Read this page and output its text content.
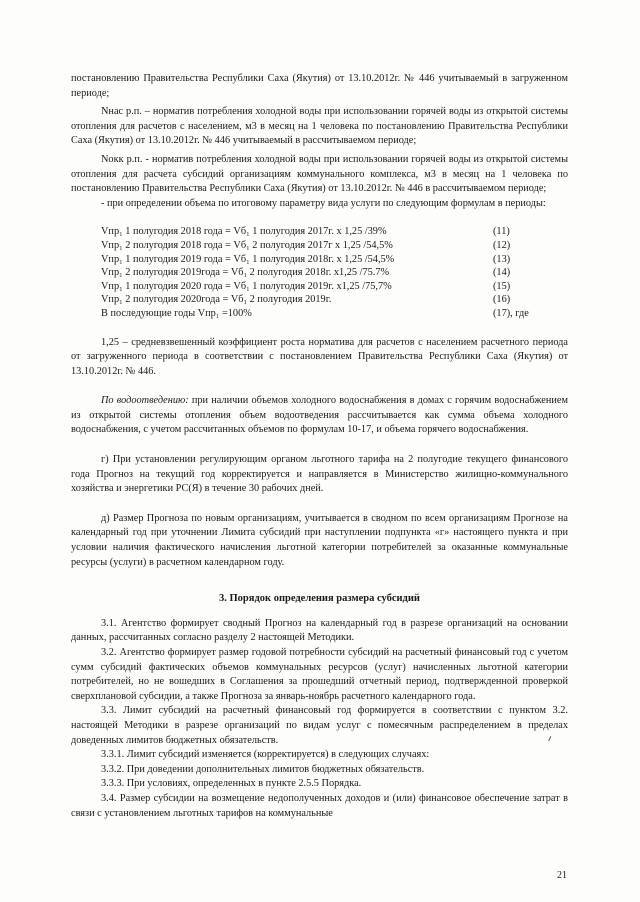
постановлению Правительства Республики Саха (Якутия) от 13.10.2012г. № 446 учитываемый в загруженном периоде;

Nнас р.п. – норматив потребления холодной воды при использовании горячей воды из открытой системы отопления для расчетов с населением, м3 в месяц на 1 человека по постановлению Правительства Республики Саха (Якутия) от 13.10.2012г. № 446 учитываемый в рассчитываемом периоде;

Nокк р.п. - норматив потребления холодной воды при использовании горячей воды из открытой системы отопления для расчета субсидий организациям коммунального комплекса, м3 в месяц на 1 человека по постановлению Правительства Республики Саха (Якутия) от 13.10.2012г. № 446 в рассчитываемом периоде;

- при определении объема по итоговому параметру вида услуги по следующим формулам в периоды:

Vпр₁ 1 полугодия 2018 года = Vб₁ 1 полугодия 2017г. х 1,25 /39%	(11)
Vпр₁ 2 полугодия 2018 года = Vб₁ 2 полугодия 2017г х 1,25 /54,5%	(12)
Vпр₁ 1 полугодия 2019 года = Vб₁ 1 полугодия 2018г. х 1,25 /54,5%	(13)
Vпр₁ 2 полугодия 2019года = Vб₁ 2 полугодия 2018г. х1,25 /75.7%	(14)
Vпр₁ 1 полугодия 2020 года = Vб₁ 1 полугодия 2019г. х1,25 /75,7%	(15)
Vпр₁ 2 полугодия 2020года = Vб₁ 2 полугодия 2019г.	(16)
В последующие годы Vпр₁ =100%	(17), где

1,25 – средневзвешенный коэффициент роста норматива для расчетов с населением расчетного периода от загруженного периода в соответствии с постановлением Правительства Республики Саха (Якутия) от 13.10.2012г. № 446.

По водоотведению: при наличии объемов холодного водоснабжения в домах с горячим водоснабжением из открытой системы отопления объем водоотведения рассчитывается как сумма объема холодного водоснабжения, с учетом рассчитанных объемов по формулам 10-17, и объема горячего водоснабжения.

г) При установлении регулирующим органом льготного тарифа на 2 полугодие текущего финансового года Прогноз на текущий год корректируется и направляется в Министерство жилищно-коммунального хозяйства и энергетики РС(Я) в течение 30 рабочих дней.

д) Размер Прогноза по новым организациям, учитывается в сводном по всем организациям Прогнозе на календарный год при уточнении Лимита субсидий при наступлении подпункта «г» настоящего пункта и при условии наличия фактического начисления льготной категории потребителей за оказанные коммунальные ресурсы (услуги) в расчетном календарном году.

3. Порядок определения размера субсидий

3.1. Агентство формирует сводный Прогноз на календарный год в разрезе организаций на основании данных, рассчитанных согласно разделу 2 настоящей Методики.

3.2. Агентство формирует размер годовой потребности субсидий на расчетный финансовый год с учетом сумм субсидий фактических объемов коммунальных ресурсов (услуг) начисленных льготной категории потребителей, но не вошедших в Соглашения за прошедший отчетный период, подтвержденной проверкой сверхплановой субсидии, а также Прогноза за январь-ноябрь расчетного календарного года.

3.3. Лимит субсидий на расчетный финансовый год формируется в соответствии с пунктом 3.2. настоящей Методики в разрезе организаций по видам услуг с помесячным распределением в пределах доведенных лимитов бюджетных обязательств.

3.3.1. Лимит субсидий изменяется (корректируется) в следующих случаях:

3.3.2. При доведении дополнительных лимитов бюджетных обязательств.

3.3.3. При условиях, определенных в пункте 2.5.5 Порядка.

3.4. Размер субсидии на возмещение недополученных доходов и (или) финансовое обеспечение затрат в связи с установлением льготных тарифов на коммунальные

21
